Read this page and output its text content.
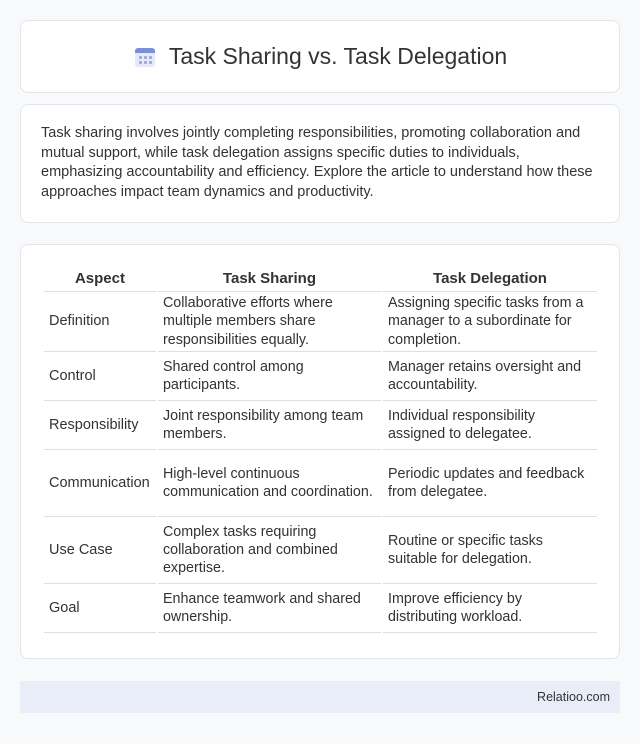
Task Sharing vs. Task Delegation

Task sharing involves jointly completing responsibilities, promoting collaboration and mutual support, while task delegation assigns specific duties to individuals, emphasizing accountability and efficiency. Explore the article to understand how these approaches impact team dynamics and productivity.

Aspect	Task Sharing	Task Delegation
Definition	Collaborative efforts where multiple members share responsibilities equally.	Assigning specific tasks from a manager to a subordinate for completion.
Control	Shared control among participants.	Manager retains oversight and accountability.
Responsibility	Joint responsibility among team members.	Individual responsibility assigned to delegatee.
Communication	High-level continuous communication and coordination.	Periodic updates and feedback from delegatee.
Use Case	Complex tasks requiring collaboration and combined expertise.	Routine or specific tasks suitable for delegation.
Goal	Enhance teamwork and shared ownership.	Improve efficiency by distributing workload.
Relatioo.com
